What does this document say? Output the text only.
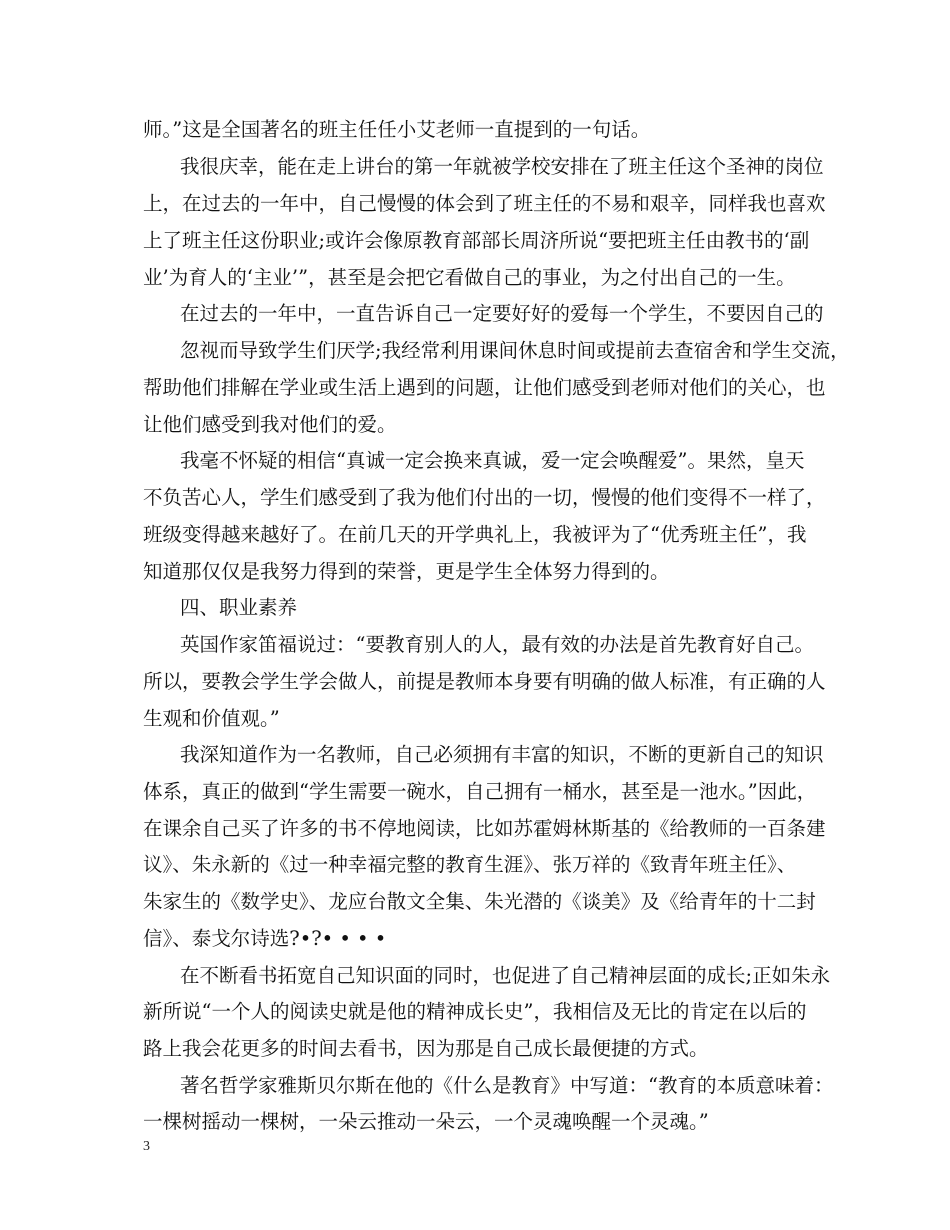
师。”这是全国著名的班主任任小艾老师一直提到的一句话。
我很庆幸，能在走上讲台的第一年就被学校安排在了班主任这个圣神的岗位
上，在过去的一年中，自己慢慢的体会到了班主任的不易和艰辛，同样我也喜欢
上了班主任这份职业;或许会像原教育部部长周济所说“要把班主任由教书的‘副
业’为育人的‘主业’”，甚至是会把它看做自己的事业，为之付出自己的一生。
在过去的一年中，一直告诉自己一定要好好的爱每一个学生，不要因自己的
忽视而导致学生们厌学;我经常利用课间休息时间或提前去查宿舍和学生交流，
帮助他们排解在学业或生活上遇到的问题，让他们感受到老师对他们的关心，也
让他们感受到我对他们的爱。
我毫不怀疑的相信“真诚一定会换来真诚，爱一定会唤醒爱”。果然，皇天
不负苦心人，学生们感受到了我为他们付出的一切，慢慢的他们变得不一样了，
班级变得越来越好了。在前几天的开学典礼上，我被评为了“优秀班主任”，我
知道那仅仅是我努力得到的荣誉，更是学生全体努力得到的。
四、职业素养
英国作家笛福说过：“要教育别人的人，最有效的办法是首先教育好自己。
所以，要教会学生学会做人，前提是教师本身要有明确的做人标准，有正确的人
生观和价值观。”
我深知道作为一名教师，自己必须拥有丰富的知识，不断的更新自己的知识
体系，真正的做到“学生需要一碗水，自己拥有一桶水，甚至是一池水。”因此，
在课余自己买了许多的书不停地阅读，比如苏霍姆林斯基的《给教师的一百条建
议》、朱永新的《过一种幸福完整的教育生涯》、张万祥的《致青年班主任》、
朱家生的《数学史》、龙应台散文全集、朱光潜的《谈美》及《给青年的十二封
信》、泰戈尔诗选?•?• • • •
在不断看书拓宽自己知识面的同时，也促进了自己精神层面的成长;正如朱永
新所说“一个人的阅读史就是他的精神成长史”，我相信及无比的肯定在以后的
路上我会花更多的时间去看书，因为那是自己成长最便捷的方式。
著名哲学家雅斯贝尔斯在他的《什么是教育》中写道：“教育的本质意味着：
一棵树摇动一棵树，一朵云推动一朵云，一个灵魂唤醒一个灵魂。”
3
